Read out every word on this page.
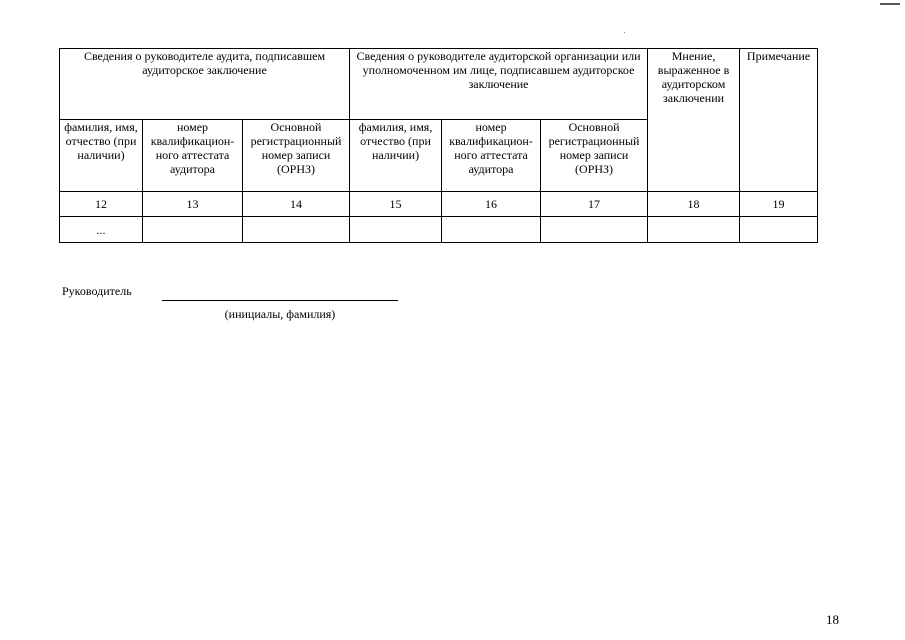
Сведения о руководителе аудита, подписавшем аудиторское заключение			Сведения о руководителе аудиторской организации или уполномоченном им лице, подписавшем аудиторское заключение			Мнение, выраженное в аудиторском заключении	Примечание
фамилия, имя, отчество (при наличии)	номер квалификацион-ного аттестата аудитора	Основной регистрационный номер записи (ОРНЗ)	фамилия, имя, отчество (при наличии)	номер квалификацион-ного аттестата аудитора	Основной регистрационный номер записи (ОРНЗ)		
12	13	14	15	16	17	18	19
...							
Руководитель
(инициалы, фамилия)
18
